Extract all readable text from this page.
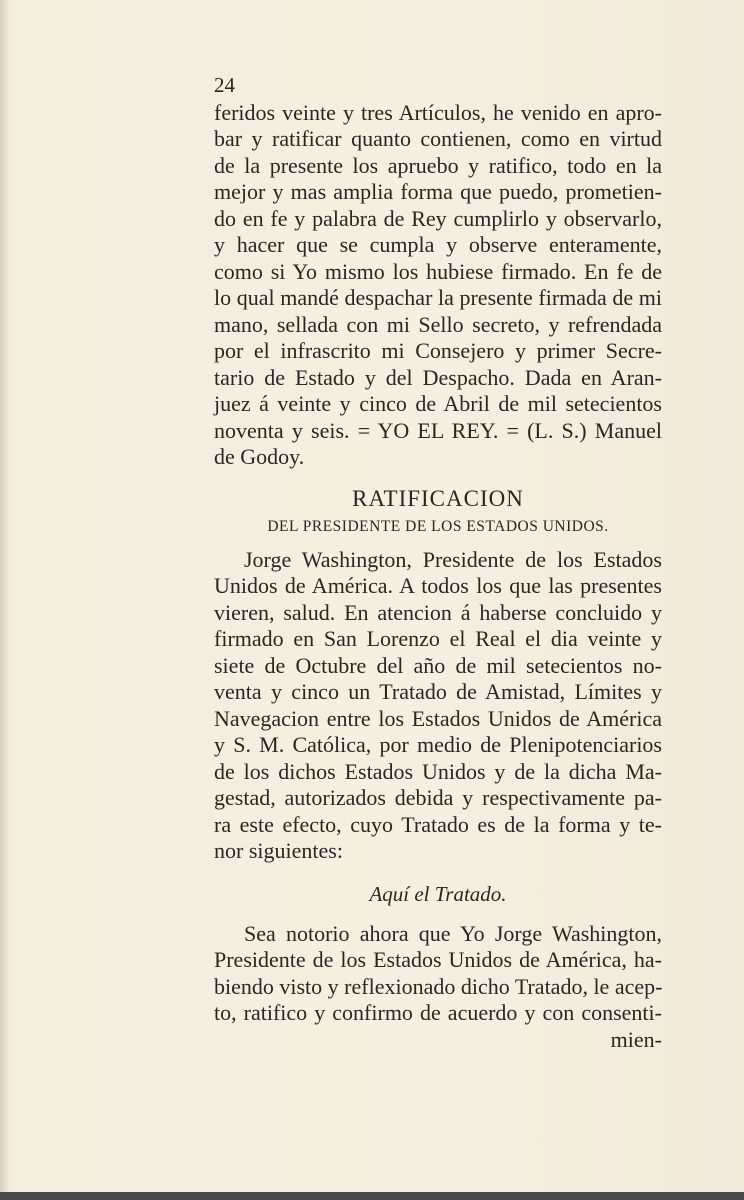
24
feridos veinte y tres Artículos, he venido en apro-
bar y ratificar quanto contienen, como en virtud
de la presente los apruebo y ratifico, todo en la
mejor y mas amplia forma que puedo, prometien-
do en fe y palabra de Rey cumplirlo y observarlo,
y hacer que se cumpla y observe enteramente,
como si Yo mismo los hubiese firmado. En fe de
lo qual mandé despachar la presente firmada de mi
mano, sellada con mi Sello secreto, y refrendada
por el infrascrito mi Consejero y primer Secre-
tario de Estado y del Despacho. Dada en Aran-
juez á veinte y cinco de Abril de mil setecientos
noventa y seis. = YO EL REY. = (L. S.) Manuel
de Godoy.
RATIFICACION
DEL PRESIDENTE DE LOS ESTADOS UNIDOS.
Jorge Washington, Presidente de los Estados
Unidos de América. A todos los que las presentes
vieren, salud. En atencion á haberse concluido y
firmado en San Lorenzo el Real el dia veinte y
siete de Octubre del año de mil setecientos no-
venta y cinco un Tratado de Amistad, Límites y
Navegacion entre los Estados Unidos de América
y S. M. Católica, por medio de Plenipotenciarios
de los dichos Estados Unidos y de la dicha Ma-
gestad, autorizados debida y respectivamente pa-
ra este efecto, cuyo Tratado es de la forma y te-
nor siguientes:
Aquí el Tratado.
Sea notorio ahora que Yo Jorge Washington,
Presidente de los Estados Unidos de América, ha-
biendo visto y reflexionado dicho Tratado, le acep-
to, ratifico y confirmo de acuerdo y con consenti-
mien-
